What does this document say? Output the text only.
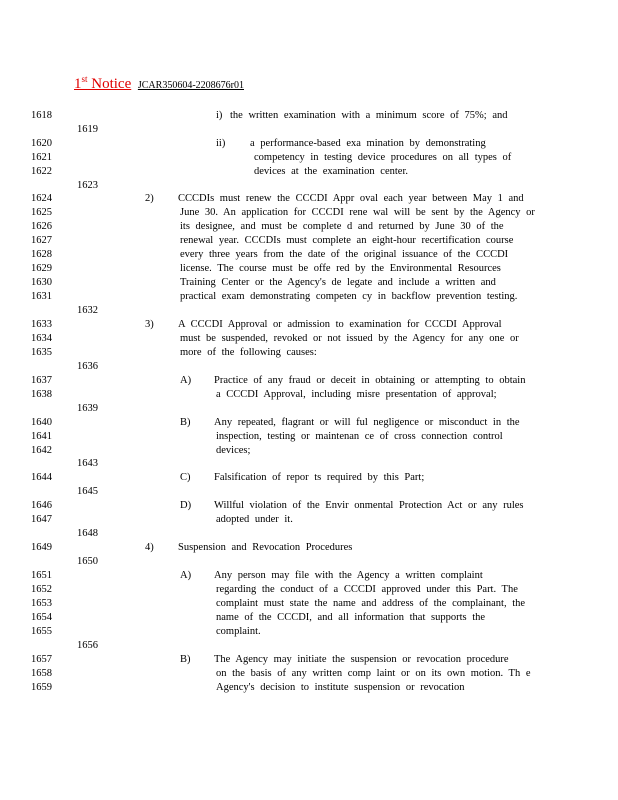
1st Notice JCAR350604-2208676r01
1618
1619
1620
1621
1622
1623
1624
1625
1626
1627
1628
1629
1630
1631
1632
1633
1634
1635
1636
1637
1638
1639
1640
1641
1642
1643
1644
1645
1646
1647
1648
1649
1650
1651
1652
1653
1654
1655
1656
1657
1658
1659
i) the written examination with a minimum score of 75%; and
ii) a performance-based exa mination by demonstrating
competency in testing device procedures on all types of
devices at the examination center.
2) CCCDIs must renew the CCCDI Appr oval each year between May 1 and
June 30. An application for CCCDI rene wal will be sent by the Agency or
its designee, and must be complete d and returned by June 30 of the
renewal year. CCCDIs must complete an eight-hour recertification course
every three years from the date of the original issuance of the CCCDI
license. The course must be offe red by the Environmental Resources
Training Center or the Agency's de legate and include a written and
practical exam demonstrating competen cy in backflow prevention testing.
3) A CCCDI Approval or admission to examination for CCCDI Approval
must be suspended, revoked or not issued by the Agency for any one or
more of the following causes:
A) Practice of any fraud or deceit in obtaining or attempting to obtain
a CCCDI Approval, including misre presentation of approval;
B) Any repeated, flagrant or will ful negligence or misconduct in the
inspection, testing or maintenan ce of cross connection control
devices;
C) Falsification of repor ts required by this Part;
D) Willful violation of the Envir onmental Protection Act or any rules
adopted under it.
4) Suspension and Revocation Procedures
A) Any person may file with the Agency a written complaint
regarding the conduct of a CCCDI approved under this Part. The
complaint must state the name and address of the complainant, the
name of the CCCDI, and all information that supports the
complaint.
B) The Agency may initiate the suspension or revocation procedure
on the basis of any written comp laint or on its own motion. Th e
Agency's decision to institute suspension or revocation
